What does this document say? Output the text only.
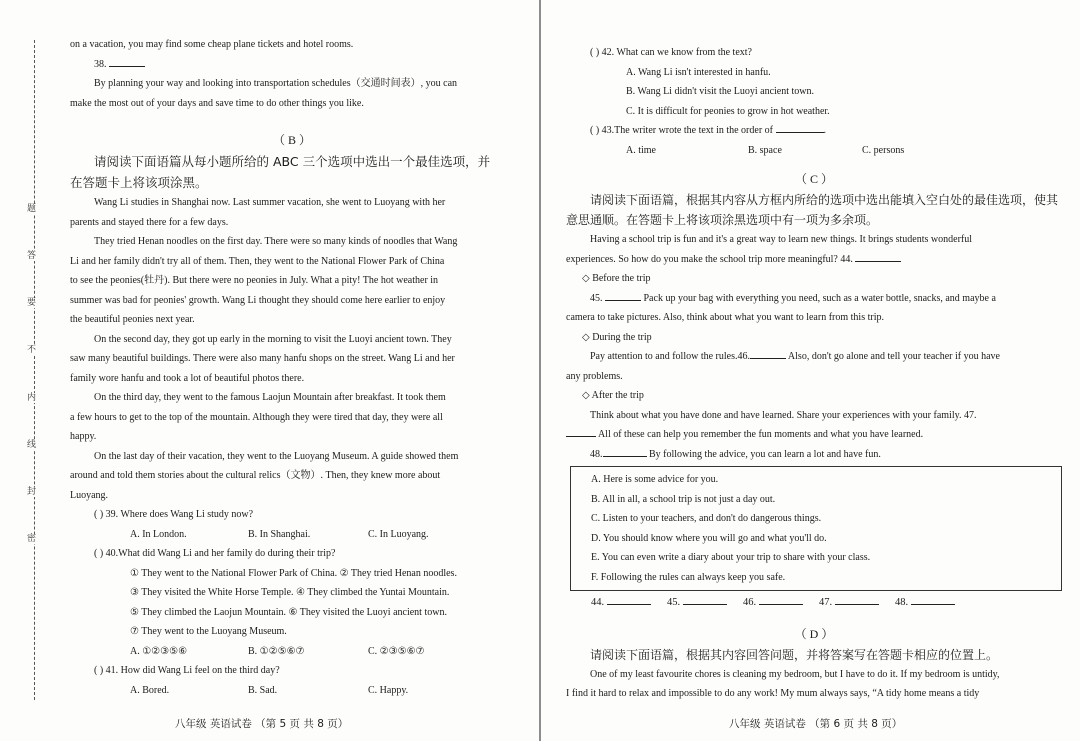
题
答
要
不
内
线
封
密
on a vacation, you may find some cheap plane tickets and hotel rooms.
38.
By planning your way and looking into transportation schedules（交通时间表）, you can
make the most out of your days and save time to do other things you like.
（ B ）
请阅读下面语篇从每小题所给的 ABC 三个选项中选出一个最佳选项，并
在答题卡上将该项涂黑。
Wang Li studies in Shanghai now. Last summer vacation, she went to Luoyang with her
parents and stayed there for a few days.
They tried Henan noodles on the first day. There were so many kinds of noodles that Wang
Li and her family didn't try all of them. Then, they went to the National Flower Park of China
to see the peonies(牡丹). But there were no peonies in July. What a pity! The hot weather in
summer was bad for peonies' growth. Wang Li thought they should come here earlier to enjoy
the beautiful peonies next year.
On the second day, they got up early in the morning to visit the Luoyi ancient town. They
saw many beautiful buildings. There were also many hanfu shops on the street. Wang Li and her
family wore hanfu and took a lot of beautiful photos there.
On the third day, they went to the famous Laojun Mountain after breakfast. It took them
a few hours to get to the top of the mountain. Although they were tired that day, they were all
happy.
On the last day of their vacation, they went to the Luoyang Museum. A guide showed them
around and told them stories about the cultural relics（文物）. Then, they knew more about
Luoyang.
( ) 39. Where does Wang Li study now?
A. In London.	B. In Shanghai.	C. In Luoyang.
( ) 40.What did Wang Li and her family do during their trip?
① They went to the National Flower Park of China. ② They tried Henan noodles.
③ They visited the White Horse Temple. ④ They climbed the Yuntai Mountain.
⑤ They climbed the Laojun Mountain. ⑥ They visited the Luoyi ancient town.
⑦ They went to the Luoyang Museum.
A. ①②③⑤⑥	B. ①②⑤⑥⑦	C. ②③⑤⑥⑦
( ) 41. How did Wang Li feel on the third day?
A. Bored.	B. Sad.	C. Happy.
八年级 英语试卷 （第 5 页 共 8 页）
( ) 42. What can we know from the text?
A. Wang Li isn't interested in hanfu.
B. Wang Li didn't visit the Luoyi ancient town.
C. It is difficult for peonies to grow in hot weather.
( ) 43.The writer wrote the text in the order of	.
A. time	B. space	C. persons
（ C ）
请阅读下面语篇，根据其内容从方框内所给的选项中选出能填入空白处的最佳选项，使其
意思通顺。在答题卡上将该项涂黑选项中有一项为多余项。
Having a school trip is fun and it's a great way to learn new things. It brings students wonderful
experiences. So how do you make the school trip more meaningful? 44.
◇ Before the trip
45.	Pack up your bag with everything you need, such as a water bottle, snacks, and maybe a
camera to take pictures. Also, think about what you want to learn from this trip.
◇ During the trip
Pay attention to and follow the rules.46.	Also, don't go alone and tell your teacher if you have
any problems.
◇ After the trip
Think about what you have done and have learned. Share your experiences with your family. 47.
All of these can help you remember the fun moments and what you have learned.
48.	By following the advice, you can learn a lot and have fun.
A. Here is some advice for you.
B. All in all, a school trip is not just a day out.
C. Listen to your teachers, and don't do dangerous things.
D. You should know where you will go and what you'll do.
E. You can even write a diary about your trip to share with your class.
F. Following the rules can always keep you safe.
44.	45.	46.	47.	48.
（ D ）
请阅读下面语篇，根据其内容回答问题，并将答案写在答题卡相应的位置上。
One of my least favourite chores is cleaning my bedroom, but I have to do it. If my bedroom is untidy,
I find it hard to relax and impossible to do any work! My mum always says, “A tidy home means a tidy
八年级 英语试卷 （第 6 页 共 8 页）
